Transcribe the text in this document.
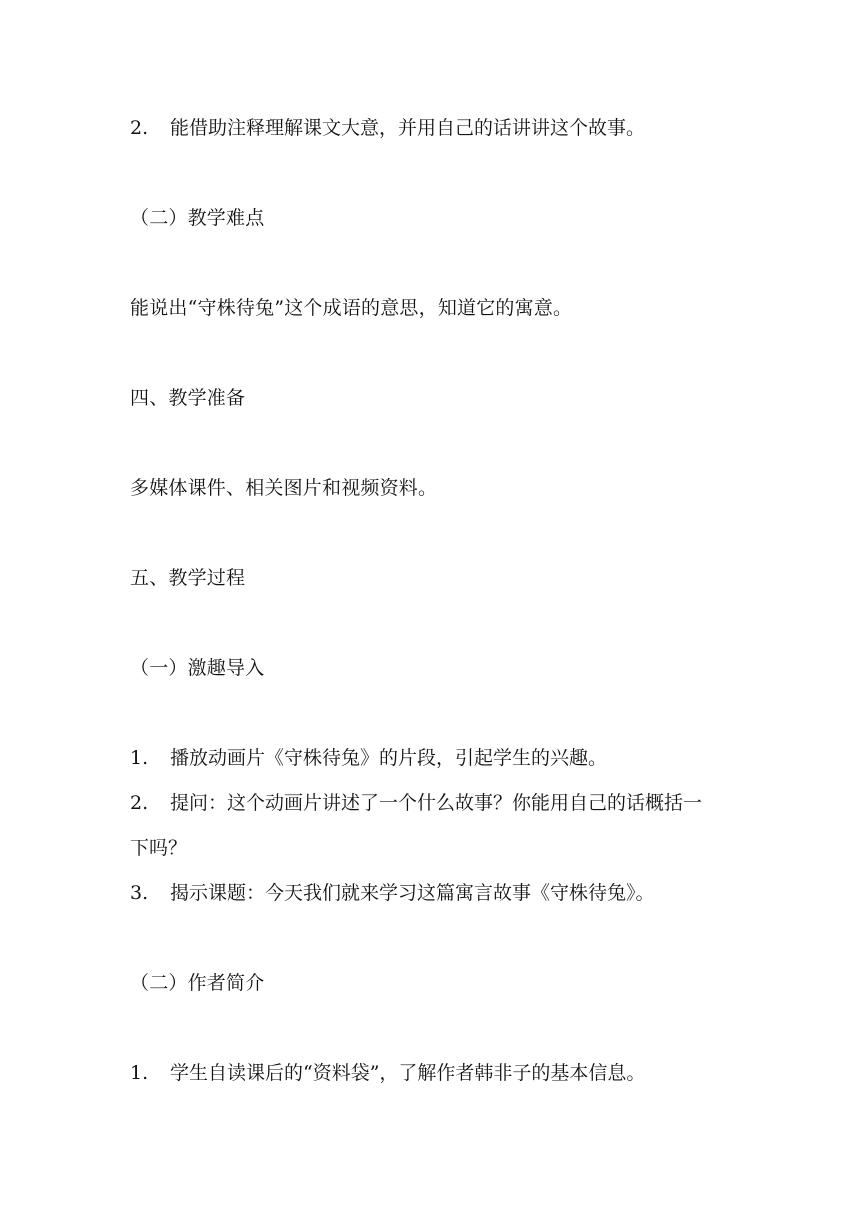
2. 能借助注释理解课文大意，并用自己的话讲讲这个故事。
（二）教学难点
能说出“守株待兔”这个成语的意思，知道它的寓意。
四、教学准备
多媒体课件、相关图片和视频资料。
五、教学过程
（一）激趣导入
1. 播放动画片《守株待兔》的片段，引起学生的兴趣。
2. 提问：这个动画片讲述了一个什么故事？你能用自己的话概括一
下吗？
3. 揭示课题：今天我们就来学习这篇寓言故事《守株待兔》。
（二）作者简介
1. 学生自读课后的“资料袋”，了解作者韩非子的基本信息。
